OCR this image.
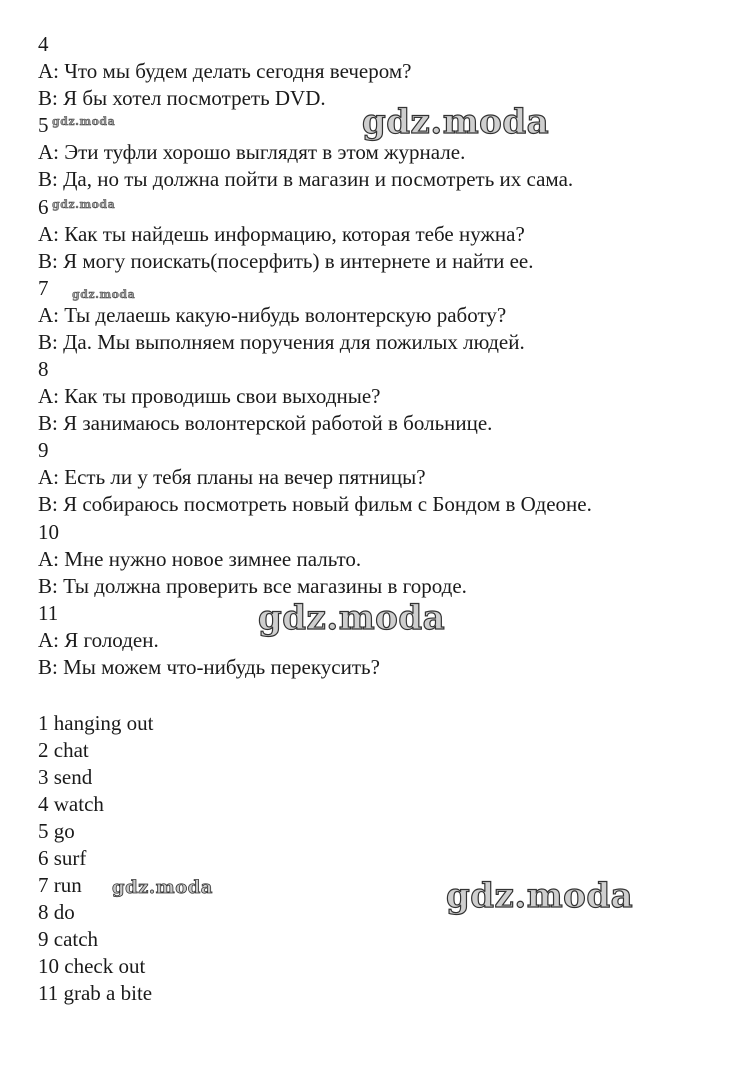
4
A: Что мы будем делать сегодня вечером?
B: Я бы хотел посмотреть DVD.
5
A: Эти туфли хорошо выглядят в этом журнале.
B: Да, но ты должна пойти в магазин и посмотреть их сама.
6
A: Как ты найдешь информацию, которая тебе нужна?
B: Я могу поискать(посерфить) в интернете и найти ее.
7
A: Ты делаешь какую-нибудь волонтерскую работу?
B: Да. Мы выполняем поручения для пожилых людей.
8
A: Как ты проводишь свои выходные?
B: Я занимаюсь волонтерской работой в больнице.
9
A: Есть ли у тебя планы на вечер пятницы?
B: Я собираюсь посмотреть новый фильм с Бондом в Одеоне.
10
A: Мне нужно новое зимнее пальто.
B: Ты должна проверить все магазины в городе.
11
A: Я голоден.
B: Мы можем что-нибудь перекусить?
1 hanging out
2 chat
3 send
4 watch
5 go
6 surf
7 run
8 do
9 catch
10 check out
11 grab a bite
gdz.moda
gdz.moda
gdz.moda
gdz.moda
gdz.moda
gdz.moda
gdz.moda
